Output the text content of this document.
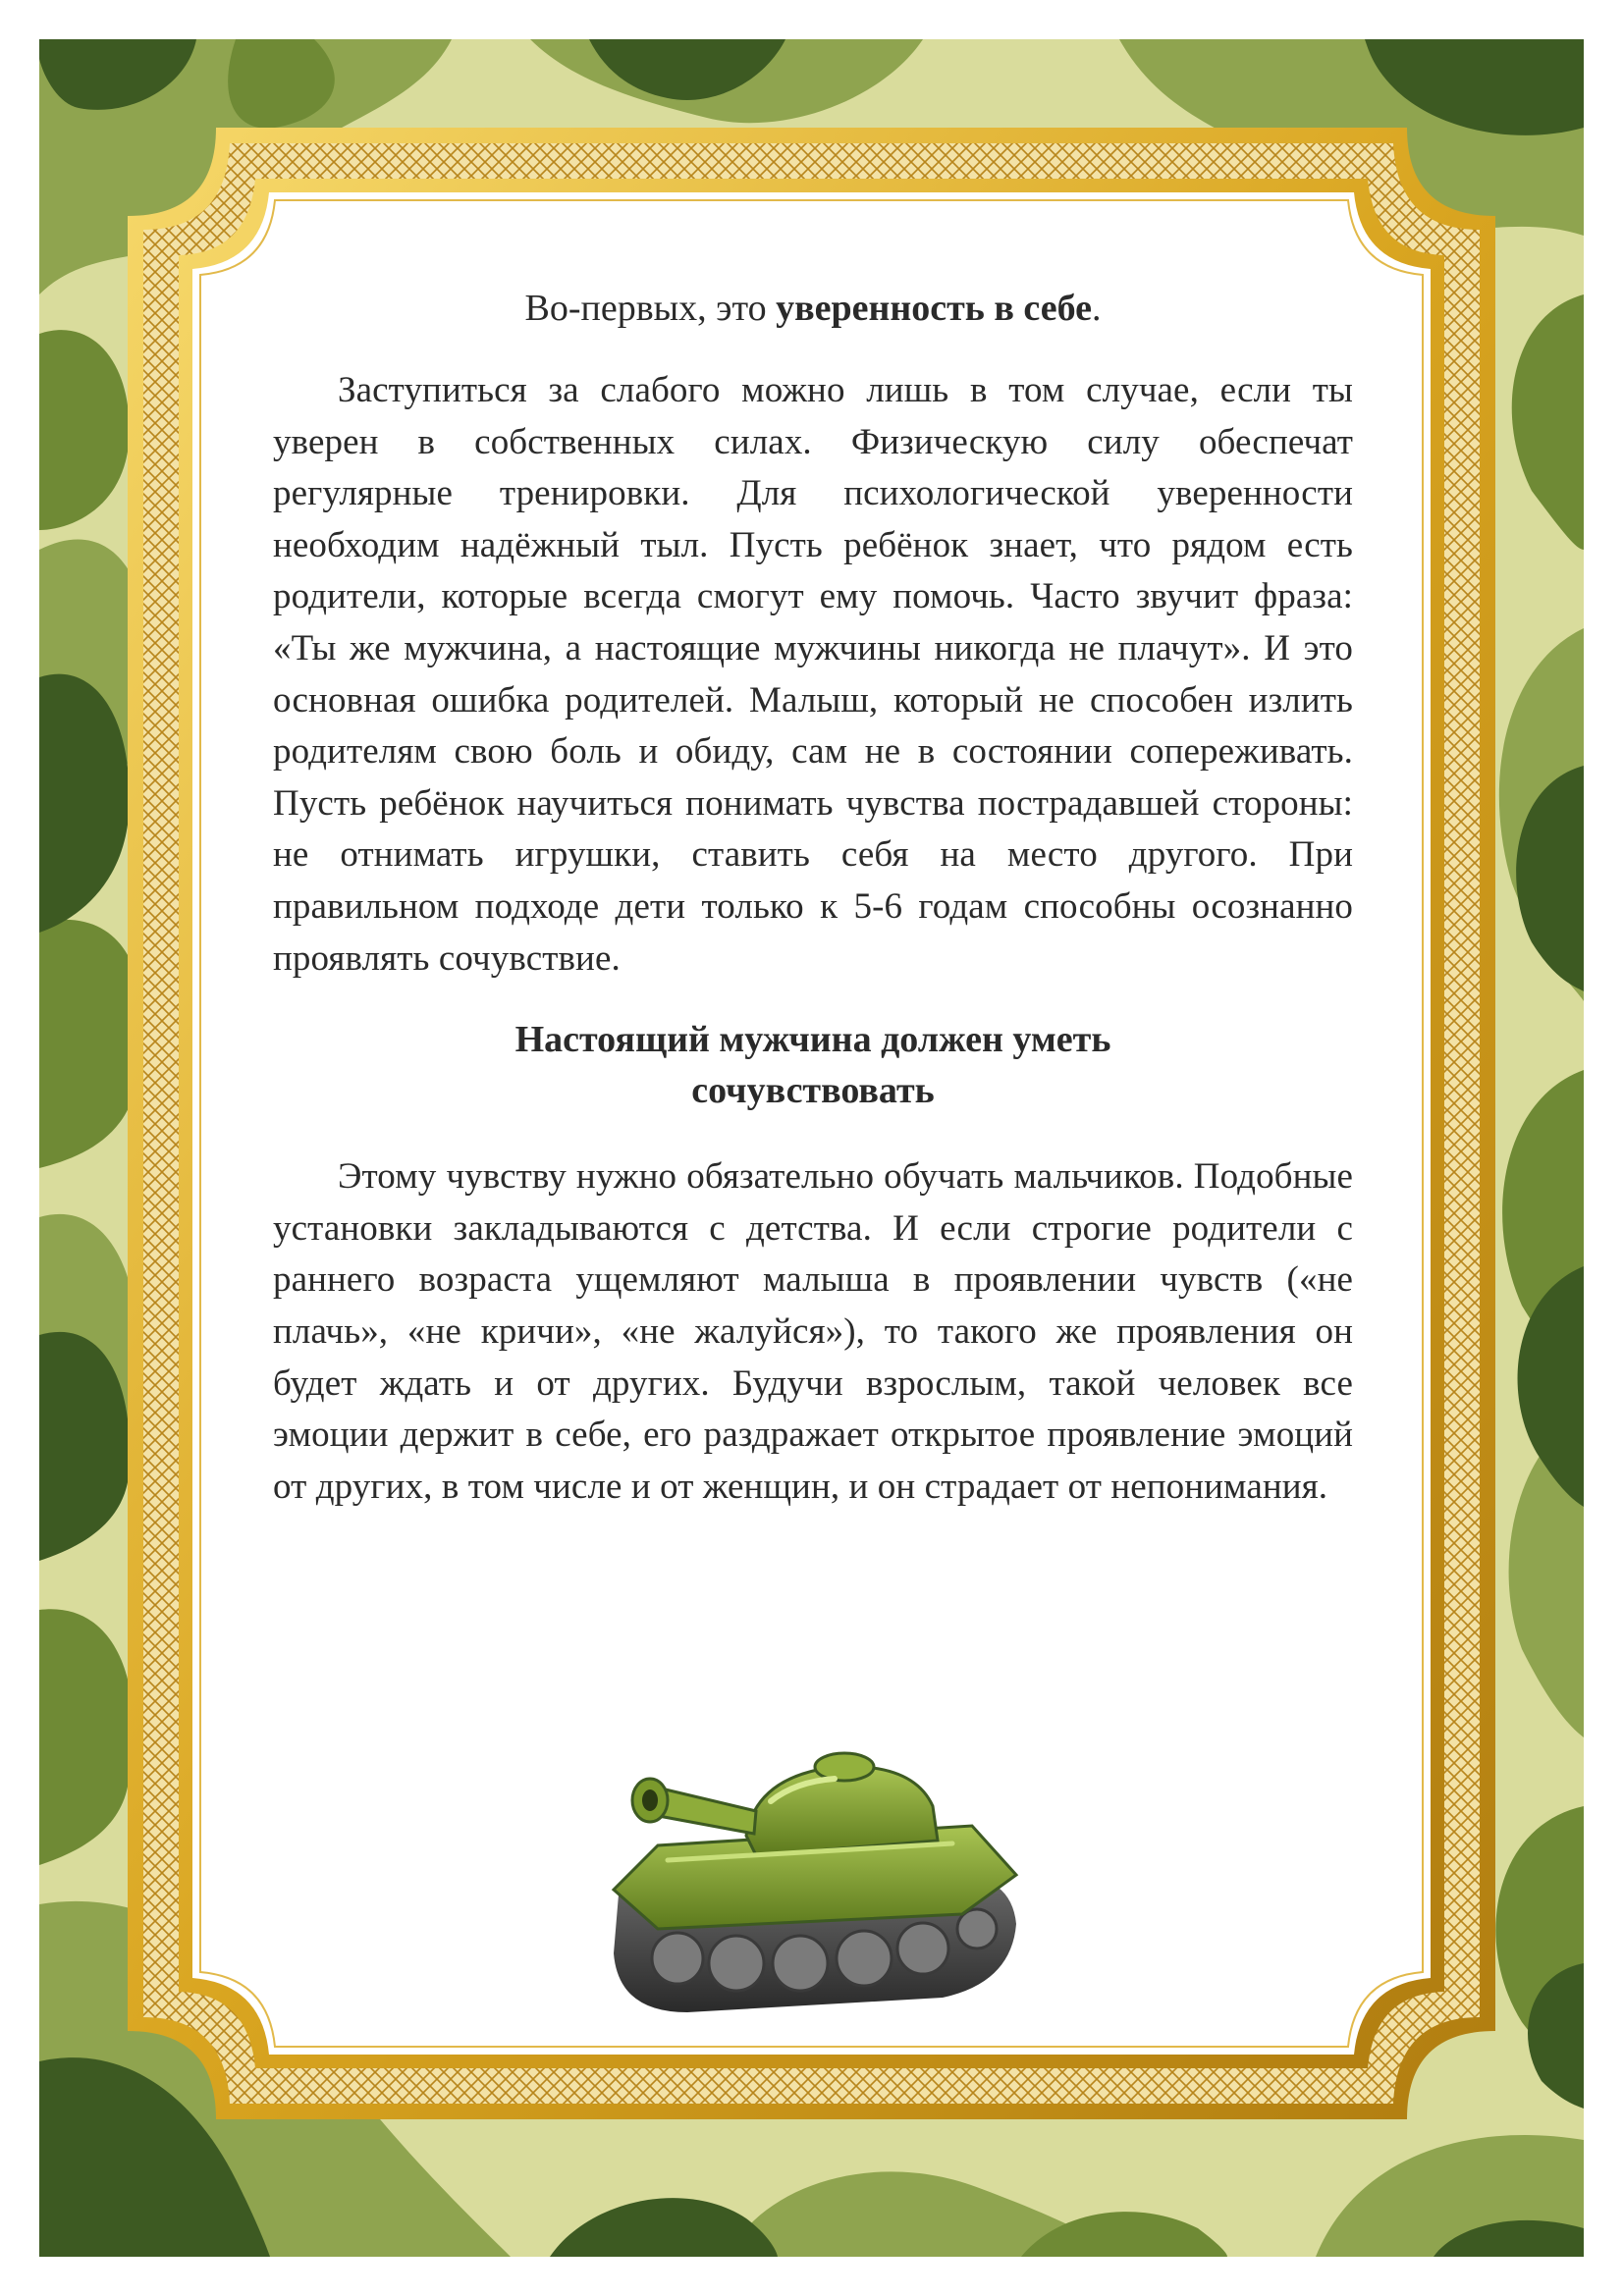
Во-первых, это уверенность в себе.

Заступиться за слабого можно лишь в том случае, если ты уверен в собственных силах. Физическую силу обеспечат регулярные тренировки. Для психологической уверенности необходим надёжный тыл. Пусть ребёнок знает, что рядом есть родители, которые всегда смогут ему помочь. Часто звучит фраза: «Ты же мужчина, а настоящие мужчины никогда не плачут». И это основная ошибка родителей. Малыш, который не способен излить родителям свою боль и обиду, сам не в состоянии сопереживать. Пусть ребёнок научиться понимать чувства пострадавшей стороны: не отнимать игрушки, ставить себя на место другого. При правильном подходе дети только к 5-6 годам способны осознанно проявлять сочувствие.

Настоящий мужчина должен уметь
сочувствовать

Этому чувству нужно обязательно обучать мальчиков. Подобные установки закладываются с детства. И если строгие родители с раннего возраста ущемляют малыша в проявлении чувств («не плачь», «не кричи», «не жалуйся»), то такого же проявления он будет ждать и от других. Будучи взрослым, такой человек все эмоции держит в себе, его раздражает открытое проявление эмоций от других, в том числе и от женщин, и он страдает от непонимания.
